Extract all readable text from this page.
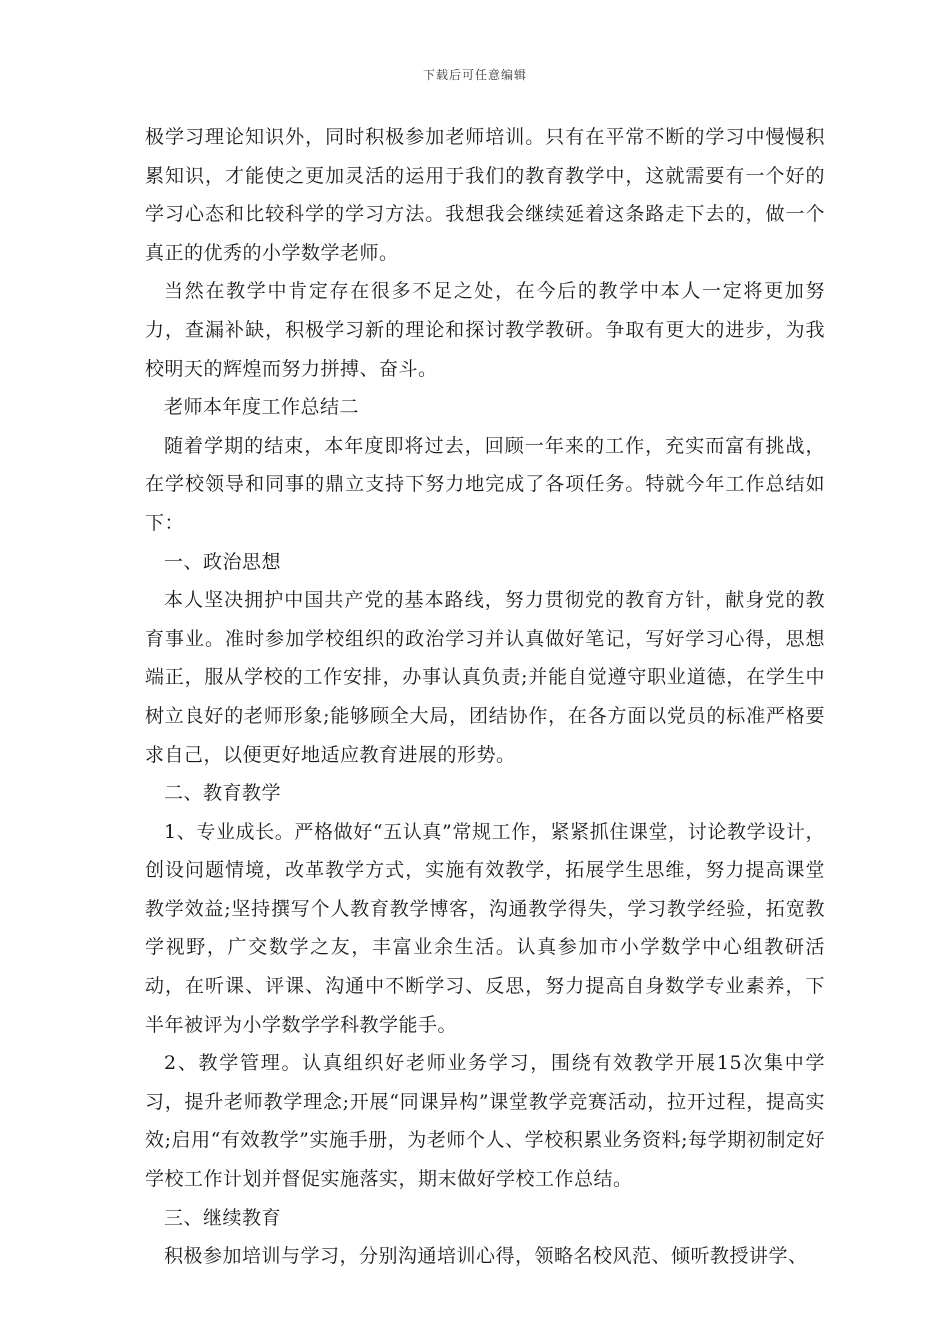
下载后可任意编辑

极学习理论知识外，同时积极参加老师培训。只有在平常不断的学习中慢慢积累知识，才能使之更加灵活的运用于我们的教育教学中，这就需要有一个好的学习心态和比较科学的学习方法。我想我会继续延着这条路走下去的，做一个真正的优秀的小学数学老师。

当然在教学中肯定存在很多不足之处，在今后的教学中本人一定将更加努力，查漏补缺，积极学习新的理论和探讨教学教研。争取有更大的进步，为我校明天的辉煌而努力拼搏、奋斗。

老师本年度工作总结二

随着学期的结束，本年度即将过去，回顾一年来的工作，充实而富有挑战，在学校领导和同事的鼎立支持下努力地完成了各项任务。特就今年工作总结如下：

一、政治思想

本人坚决拥护中国共产党的基本路线，努力贯彻党的教育方针，献身党的教育事业。准时参加学校组织的政治学习并认真做好笔记，写好学习心得，思想端正，服从学校的工作安排，办事认真负责;并能自觉遵守职业道德，在学生中树立良好的老师形象;能够顾全大局，团结协作，在各方面以党员的标准严格要求自己，以便更好地适应教育进展的形势。

二、教育教学

1、专业成长。严格做好“五认真”常规工作，紧紧抓住课堂，讨论教学设计，创设问题情境，改革教学方式，实施有效教学，拓展学生思维，努力提高课堂教学效益;坚持撰写个人教育教学博客，沟通教学得失，学习教学经验，拓宽教学视野，广交数学之友，丰富业余生活。认真参加市小学数学中心组教研活动，在听课、评课、沟通中不断学习、反思，努力提高自身数学专业素养，下半年被评为小学数学学科教学能手。

2、教学管理。认真组织好老师业务学习，围绕有效教学开展15次集中学习，提升老师教学理念;开展“同课异构”课堂教学竞赛活动，拉开过程，提高实效;启用“有效教学”实施手册，为老师个人、学校积累业务资料;每学期初制定好学校工作计划并督促实施落实，期末做好学校工作总结。

三、继续教育

积极参加培训与学习，分别沟通培训心得，领略名校风范、倾听教授讲学、
